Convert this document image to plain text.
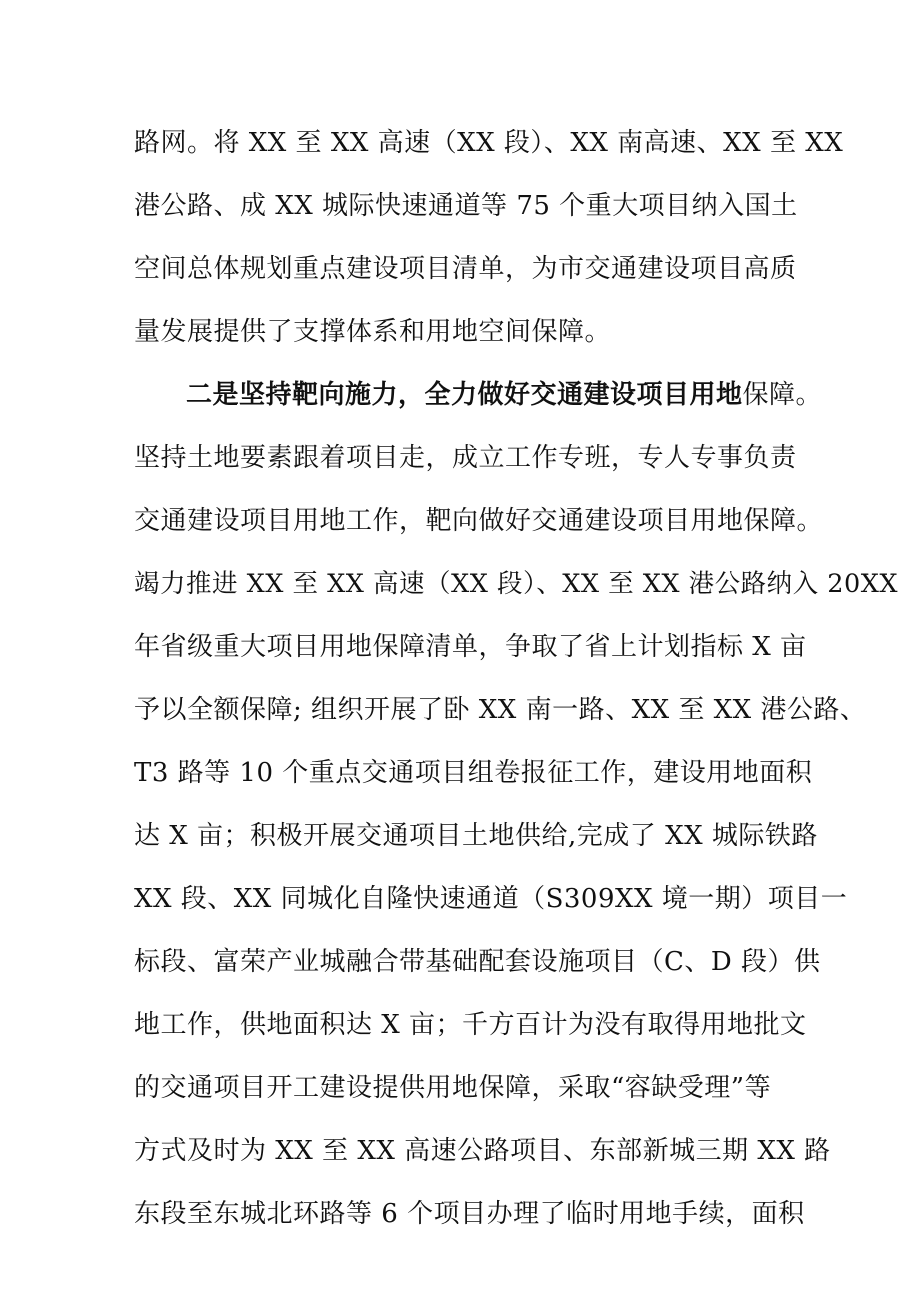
路网。将 XX 至 XX 高速（XX 段）、XX 南高速、XX 至 XX
港公路、成 XX 城际快速通道等 75 个重大项目纳入国土
空间总体规划重点建设项目清单，为市交通建设项目高质
量发展提供了支撑体系和用地空间保障。
二是坚持靶向施力，全力做好交通建设项目用地保障。
坚持土地要素跟着项目走，成立工作专班，专人专事负责
交通建设项目用地工作，靶向做好交通建设项目用地保障。
竭力推进 XX 至 XX 高速（XX 段）、XX 至 XX 港公路纳入 20XX
年省级重大项目用地保障清单，争取了省上计划指标 X 亩
予以全额保障; 组织开展了卧 XX 南一路、XX 至 XX 港公路、
T3 路等 10 个重点交通项目组卷报征工作，建设用地面积
达 X 亩；积极开展交通项目土地供给,完成了 XX 城际铁路
XX 段、XX 同城化自隆快速通道（S309XX 境一期）项目一
标段、富荣产业城融合带基础配套设施项目（C、D 段）供
地工作，供地面积达 X 亩；千方百计为没有取得用地批文
的交通项目开工建设提供用地保障，采取“容缺受理”等
方式及时为 XX 至 XX 高速公路项目、东部新城三期 XX 路
东段至东城北环路等 6 个项目办理了临时用地手续，面积
